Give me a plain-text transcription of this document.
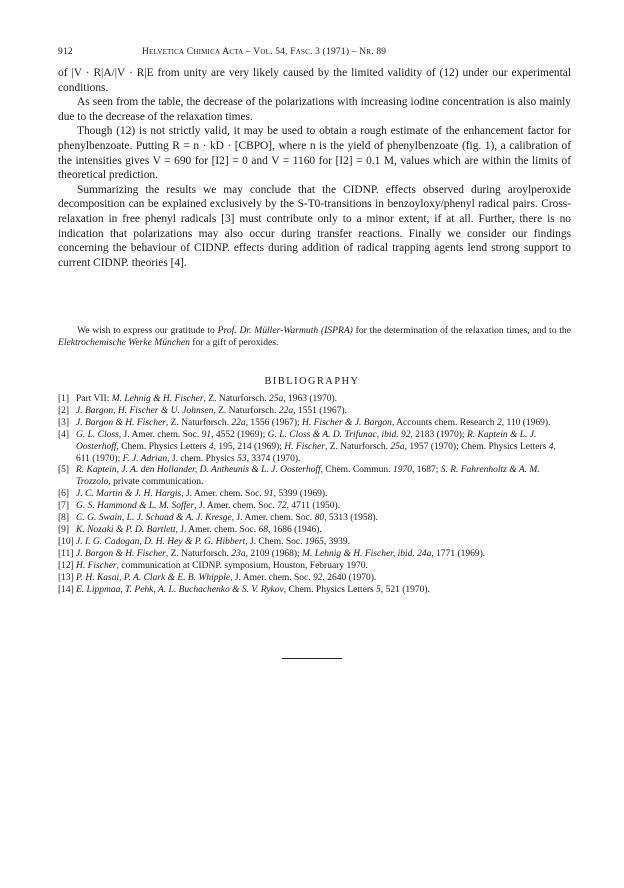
912	Helvetica Chimica Acta – Vol. 54, Fasc. 3 (1971) – Nr. 89

of |V · R|A/|V · R|E from unity are very likely caused by the limited validity of (12) under our experimental conditions.

As seen from the table, the decrease of the polarizations with increasing iodine concentration is also mainly due to the decrease of the relaxation times.

Though (12) is not strictly valid, it may be used to obtain a rough estimate of the enhancement factor for phenylbenzoate. Putting R = n · kD · [CBPO], where n is the yield of phenylbenzoate (fig. 1), a calibration of the intensities gives V = 690 for [I2] = 0 and V = 1160 for [I2] = 0.1 M, values which are within the limits of theoretical prediction.

Summarizing the results we may conclude that the CIDNP. effects observed during aroylperoxide decomposition can be explained exclusively by the S-T0-transitions in benzoyloxy/phenyl radical pairs. Cross-relaxation in free phenyl radicals [3] must contribute only to a minor extent, if at all. Further, there is no indication that polarizations may also occur during transfer reactions. Finally we consider our findings concerning the behaviour of CIDNP. effects during addition of radical trapping agents lend strong support to current CIDNP. theories [4].

We wish to express our gratitude to Prof. Dr. Müller-Warmuth (ISPRA) for the determination of the relaxation times, and to the Elektrochemische Werke München for a gift of peroxides.

BIBLIOGRAPHY
[1] Part VII: M. Lehnig & H. Fischer, Z. Naturforsch. 25a, 1963 (1970).
[2] J. Bargon, H. Fischer & U. Johnsen, Z. Naturforsch. 22a, 1551 (1967).
[3] J. Bargon & H. Fischer, Z. Naturforsch. 22a, 1556 (1967); H. Fischer & J. Bargon, Accounts chem. Research 2, 110 (1969).
[4] G. L. Closs, J. Amer. chem. Soc. 91, 4552 (1969); G. L. Closs & A. D. Trifunac, ibid. 92, 2183 (1970); R. Kaptein & L. J. Oosterhoff, Chem. Physics Letters 4, 195, 214 (1969); H. Fischer, Z. Naturforsch. 25a, 1957 (1970); Chem. Physics Letters 4, 611 (1970); F. J. Adrian, J. chem. Physics 53, 3374 (1970).
[5] R. Kaptein, J. A. den Hollander, D. Antheunis & L. J. Oosterhoff, Chem. Commun. 1970, 1687; S. R. Fahrenholtz & A. M. Trozzolo, private communication.
[6] J. C. Martin & J. H. Hargis, J. Amer. chem. Soc. 91, 5399 (1969).
[7] G. S. Hammond & L. M. Soffer, J. Amer. chem. Soc. 72, 4711 (1950).
[8] C. G. Swain, L. J. Schaad & A. J. Kresge, J. Amer. chem. Soc. 80, 5313 (1958).
[9] K. Nozaki & P. D. Bartlett, J. Amer. chem. Soc. 68, 1686 (1946).
[10] J. I. G. Cadogan, D. H. Hey & P. G. Hibbert, J. Chem. Soc. 1965, 3939.
[11] J. Bargon & H. Fischer, Z. Naturforsch. 23a, 2109 (1968); M. Lehnig & H. Fischer, ibid. 24a, 1771 (1969).
[12] H. Fischer, communication at CIDNP. symposium, Houston, February 1970.
[13] P. H. Kasai, P. A. Clark & E. B. Whipple, J. Amer. chem. Soc. 92, 2640 (1970).
[14] E. Lippmaa, T. Pehk, A. L. Buchachenko & S. V. Rykov, Chem. Physics Letters 5, 521 (1970).
